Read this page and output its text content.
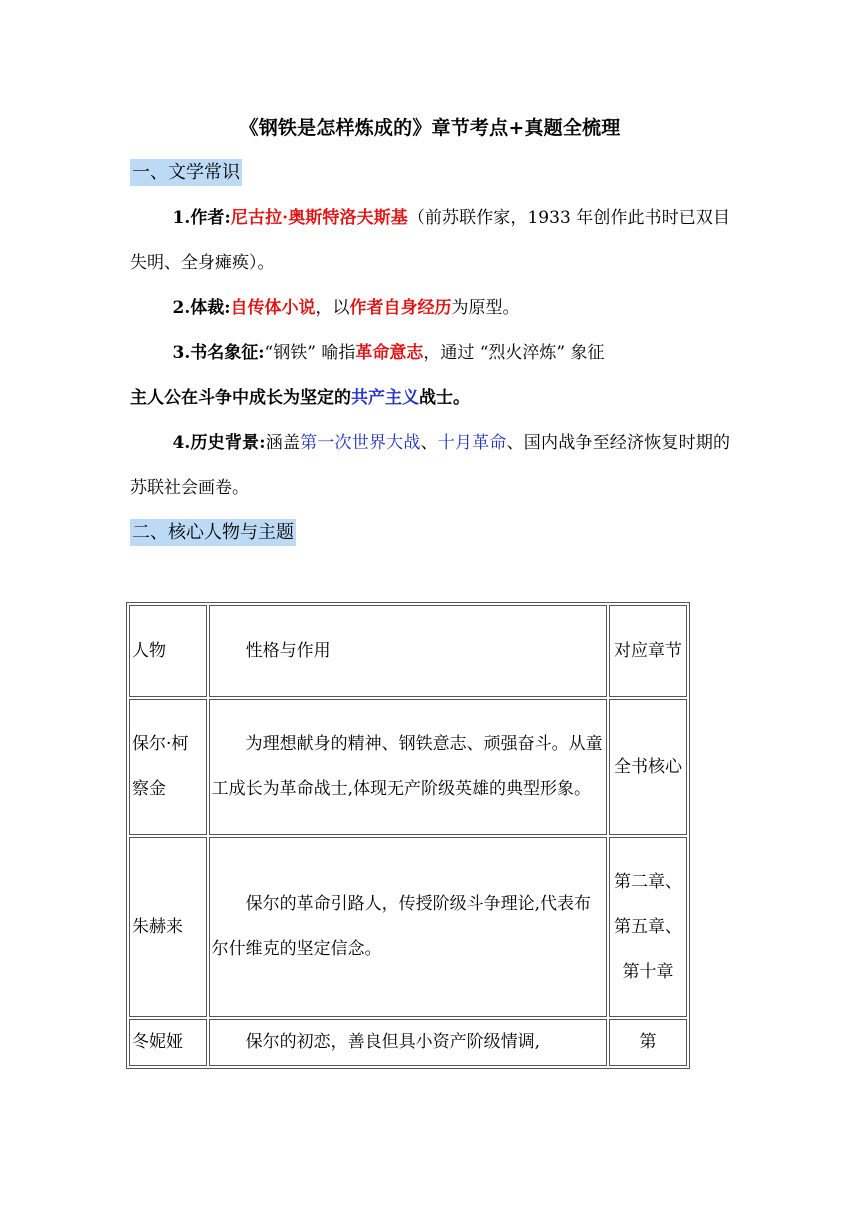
《钢铁是怎样炼成的》章节考点+真题全梳理
一、文学常识
1.作者:尼古拉·奥斯特洛夫斯基（前苏联作家，1933 年创作此书时已双目失明、全身瘫痪）。
2.体裁:自传体小说，以作者自身经历为原型。
3.书名象征:“钢铁” 喻指革命意志，通过 “烈火淬炼” 象征
主人公在斗争中成长为坚定的共产主义战士。
4.历史背景:涵盖第一次世界大战、十月革命、国内战争至经济恢复时期的苏联社会画卷。
二、核心人物与主题
人物	性格与作用	对应章节
保尔·柯察金	为理想献身的精神、钢铁意志、顽强奋斗。从童工成长为革命战士,体现无产阶级英雄的典型形象。	全书核心
朱赫来	保尔的革命引路人，传授阶级斗争理论,代表布尔什维克的坚定信念。	第二章、第五章、第十章
冬妮娅	保尔的初恋，善良但具小资产阶级情调,	第
